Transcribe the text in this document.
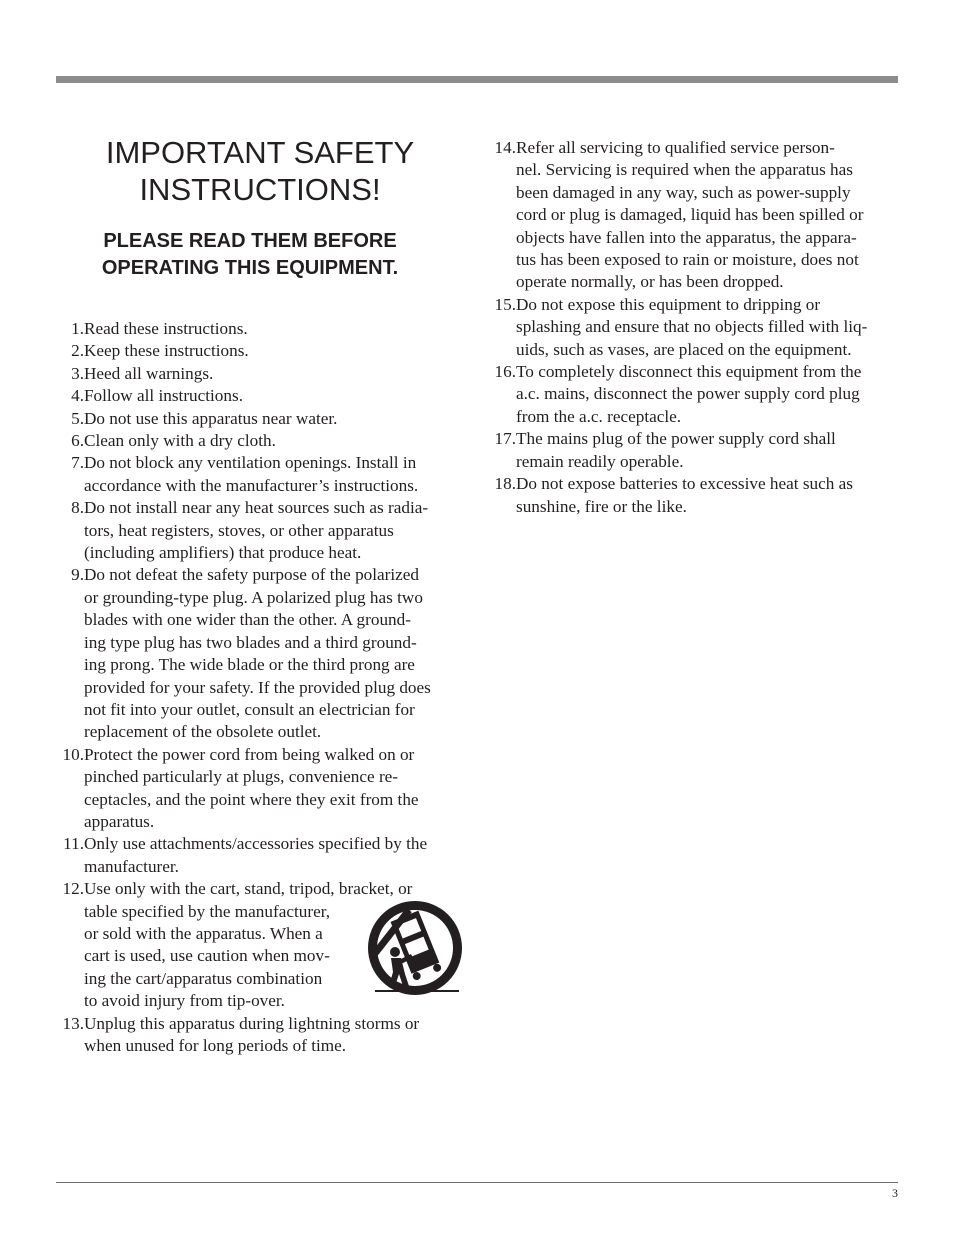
IMPORTANT SAFETY
INSTRUCTIONS!
PLEASE READ THEM BEFORE
OPERATING THIS EQUIPMENT.
1. Read these instructions.
2. Keep these instructions.
3. Heed all warnings.
4. Follow all instructions.
5. Do not use this apparatus near water.
6. Clean only with a dry cloth.
7. Do not block any ventilation openings. Install in
accordance with the manufacturer’s instructions.
8. Do not install near any heat sources such as radia-
tors, heat registers, stoves, or other apparatus
(including amplifiers) that produce heat.
9. Do not defeat the safety purpose of the polarized
or grounding-type plug. A polarized plug has two
blades with one wider than the other. A ground-
ing type plug has two blades and a third ground-
ing prong. The wide blade or the third prong are
provided for your safety. If the provided plug does
not fit into your outlet, consult an electrician for
replacement of the obsolete outlet.
10. Protect the power cord from being walked on or
pinched particularly at plugs, convenience re-
ceptacles, and the point where they exit from the
apparatus.
11. Only use attachments/accessories specified by the
manufacturer.
12. Use only with the cart, stand, tripod, bracket, or
table specified by the manufacturer,
or sold with the apparatus. When a
cart is used, use caution when mov-
ing the cart/apparatus combination
to avoid injury from tip-over.
13. Unplug this apparatus during lightning storms or
when unused for long periods of time.
14. Refer all servicing to qualified service person-
nel. Servicing is required when the apparatus has
been damaged in any way, such as power-supply
cord or plug is damaged, liquid has been spilled or
objects have fallen into the apparatus, the appara-
tus has been exposed to rain or moisture, does not
operate normally, or has been dropped.
15. Do not expose this equipment to dripping or
splashing and ensure that no objects filled with liq-
uids, such as vases, are placed on the equipment.
16. To completely disconnect this equipment from the
a.c. mains, disconnect the power supply cord plug
from the a.c. receptacle.
17. The mains plug of the power supply cord shall
remain readily operable.
18. Do not expose batteries to excessive heat such as
sunshine, fire or the like.
3
